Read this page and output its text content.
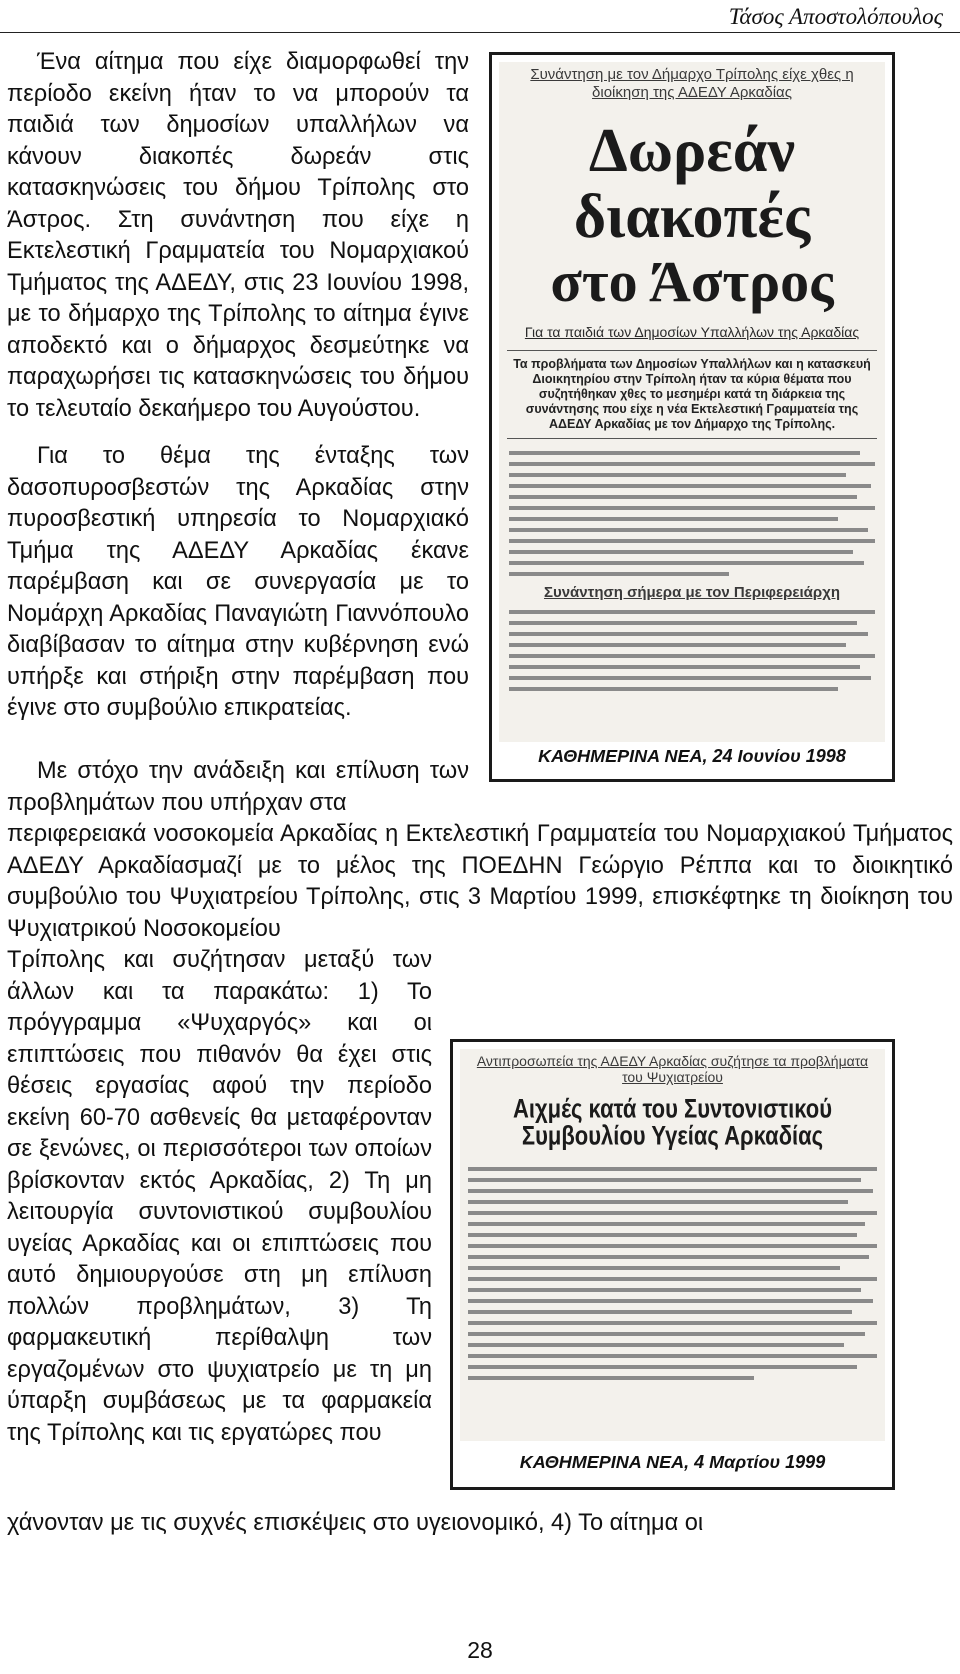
Τάσος Αποστολόπουλος

Ένα αίτημα που είχε διαμορφωθεί την περίοδο εκείνη ήταν το να μπορούν τα παιδιά των δημοσίων υπαλλήλων να κάνουν διακοπές δωρεάν στις κατασκηνώσεις του δήμου Τρίπολης στο Άστρος. Στη συνάντηση που είχε η Εκτελεστική Γραμματεία του Νομαρχιακού Τμήματος της ΑΔΕΔΥ, στις 23 Ιουνίου 1998, με το δήμαρχο της Τρίπολης το αίτημα έγινε αποδεκτό και ο δήμαρχος δεσμεύτηκε να παραχωρήσει τις κατασκηνώσεις του δήμου το τελευταίο δεκαήμερο του Αυγούστου.

Για το θέμα της ένταξης των δασοπυροσβεστών της Αρκαδίας στην πυροσβεστική υπηρεσία το Νομαρχιακό Τμήμα της ΑΔΕΔΥ Αρκαδίας έκανε παρέμβαση και σε συνεργασία με το Νομάρχη Αρκαδίας Παναγιώτη Γιαννόπουλο διαβίβασαν το αίτημα στην κυβέρνηση ενώ υπήρξε και στήριξη στην παρέμβαση που έγινε στο συμβούλιο επικρατείας.

Με στόχο την ανάδειξη και επίλυση των προβλημάτων που υπήρχαν στα

περιφερειακά νοσοκομεία Αρκαδίας η Εκτελεστική Γραμματεία του Νομαρχιακού Τμήματος ΑΔΕΔΥ Αρκαδίασμαζί με το μέλος της ΠΟΕΔΗΝ Γεώργιο Ρέππα και το διοικητικό συμβούλιο του Ψυχιατρείου Τρίπολης, στις 3 Μαρτίου 1999, επισκέφτηκε τη διοίκηση του Ψυχιατρικού Νοσοκομείου

Τρίπολης και συζήτησαν μεταξύ των άλλων και τα παρακάτω: 1) Το πρόγγραμμα «Ψυχαργός» και οι επιπτώσεις που πιθανόν θα έχει στις θέσεις εργασίας αφού την περίοδο εκείνη 60-70 ασθενείς θα μεταφέρονταν σε ξενώνες, οι περισσότεροι των οποίων βρίσκονταν εκτός Αρκαδίας, 2) Τη μη λειτουργία συντονιστικού συμβουλίου υγείας Αρκαδίας και οι επιπτώσεις που αυτό δημιουργούσε στη μη επίλυση πολλών προβλημάτων, 3) Τη φαρμακευτική περίθαλψη των εργαζομένων στο ψυχιατρείο με τη μη ύπαρξη συμβάσεως με τα φαρμακεία της Τρίπολης και τις εργατώρες που

χάνονταν με τις συχνές επισκέψεις στο υγειονομικό, 4) Το αίτημα οι

Συνάντηση με τον Δήμαρχο Τρίπολης είχε χθες η διοίκηση της ΑΔΕΔΥ Αρκαδίας
Δωρεάν
διακοπές
στο Άστρος
Για τα παιδιά των Δημοσίων Υπαλλήλων της Αρκαδίας
Τα προβλήματα των Δημοσίων Υπαλλήλων και η κατασκευή Διοικητηρίου στην Τρίπολη ήταν τα κύρια θέματα που συζητήθηκαν χθες το μεσημέρι κατά τη διάρκεια της συνάντησης που είχε η νέα Εκτελεστική Γραμματεία της ΑΔΕΔΥ Αρκαδίας με τον Δήμαρχο της Τρίπολης.
Συνάντηση σήμερα με τον Περιφερειάρχη
ΚΑΘΗΜΕΡΙΝΑ ΝΕΑ, 24 Ιουνίου 1998
Αντιπροσωπεία της ΑΔΕΔΥ Αρκαδίας συζήτησε τα προβλήματα του Ψυχιατρείου
Αιχμές κατά του Συντονιστικού
Συμβουλίου Υγείας Αρκαδίας
ΚΑΘΗΜΕΡΙΝΑ ΝΕΑ, 4 Μαρτίου 1999
28
